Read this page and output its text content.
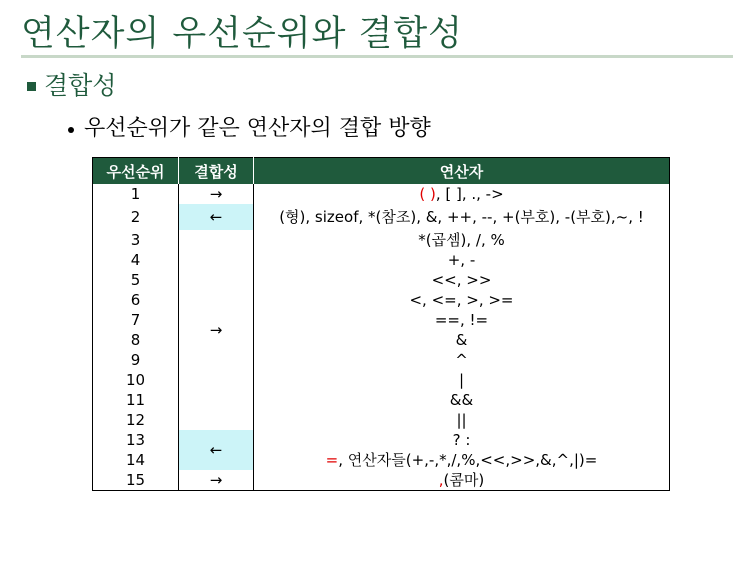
연산자의 우선순위와 결합성
결합성
우선순위가 같은 연산자의 결합 방향
우선순위	결합성	연산자
1	→	( ), [ ], ., ->
2	←	(형), sizeof, *(참조), &, ++, --, +(부호), -(부호),~, !
3	→	*(곱셈), /, %
4		+, -
5		<<, >>
6		<, <=, >, >=
7		==, !=
8		&
9		^
10		|
11		&&
12		||
13	←	? :
14		=, 연산자들(+,-,*,/,%,<<,>>,&,^,|)=
15	→	,(콤마)
